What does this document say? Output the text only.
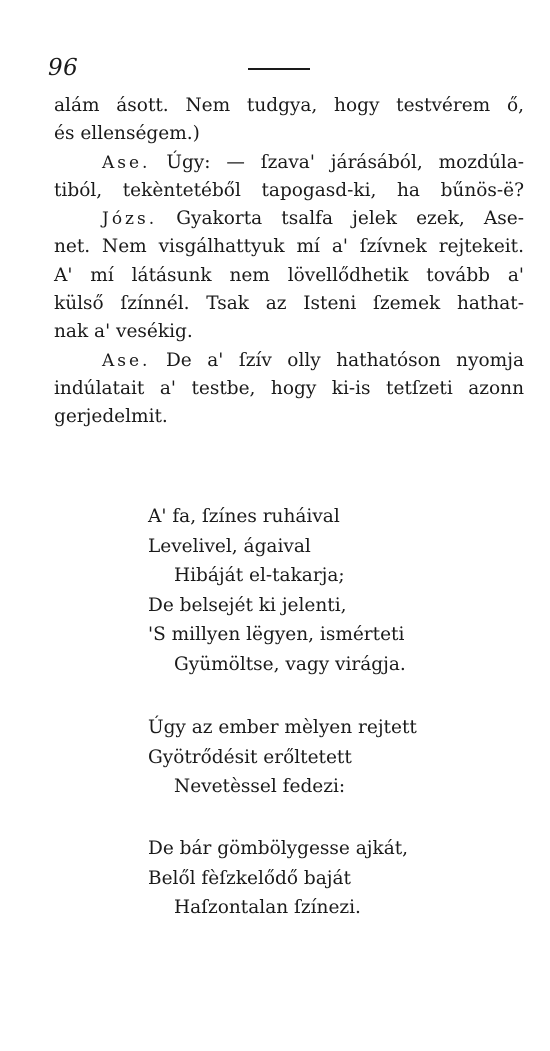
96
alám ásott. Nem tudgya, hogy testvérem ő,
és ellenségem.)
Ase. Úgy: — ſzava' járásából, mozdúla-
tiból, tekèntetéből tapogasd-ki, ha bűnös-ë?
Józs. Gyakorta tsalfa jelek ezek, Ase-
net. Nem visgálhattyuk mí a' ſzívnek rejtekeit.
A' mí látásunk nem lövellődhetik tovább a'
külső ſzínnél. Tsak az Isteni ſzemek hathat-
nak a' vesékig.
Ase. De a' ſzív olly hathatóson nyomja
indúlatait a' testbe, hogy ki-is tetſzeti azonn
gerjedelmit.
A' fa, ſzínes ruháival
Levelivel, ágaival
Hibáját el-takarja;
De belsejét ki jelenti,
'S millyen lëgyen, ismérteti
Gyümöltse, vagy virágja.
Úgy az ember mèlyen rejtett
Gyötrődésit erőltetett
Nevetèssel fedezi:
De bár gömbölygesse ajkát,
Belől fèſzkelődő baját
Haſzontalan ſzínezi.
